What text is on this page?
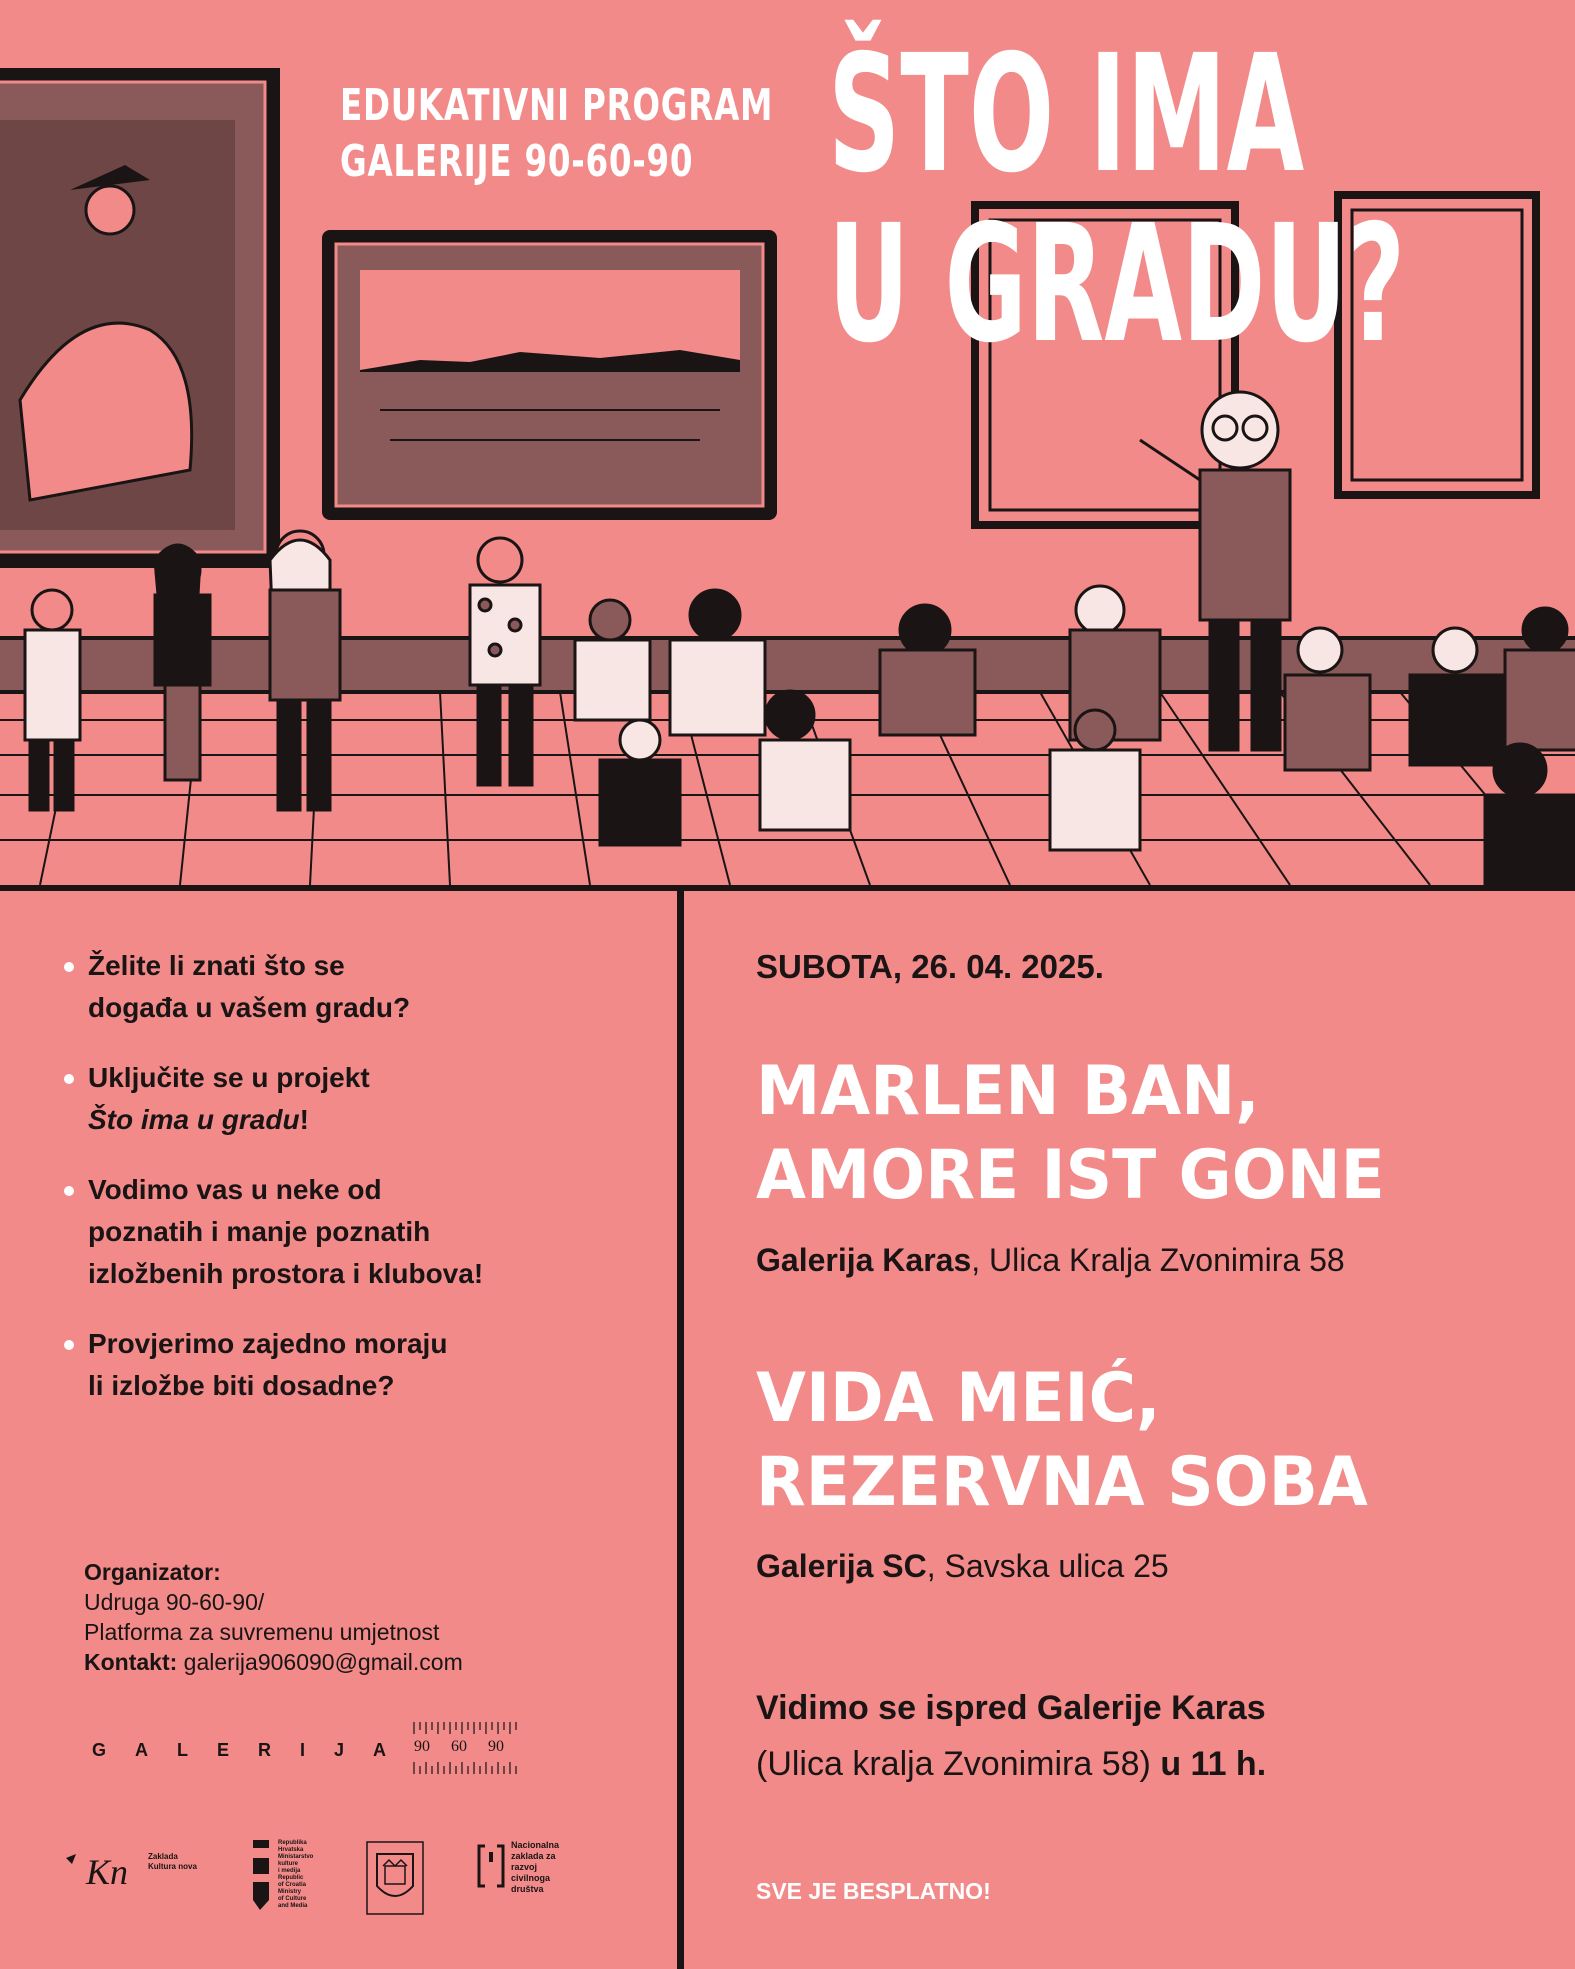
EDUKATIVNI PROGRAM
GALERIJE 90-60-90 ŠTO IMA
U GRADU?
Želite li znati što se
događa u vašem gradu?
Uključite se u projekt
Što ima u gradu!
Vodimo vas u neke od
poznatih i manje poznatih
izložbenih prostora i klubova!
Provjerimo zajedno moraju
li izložbe biti dosadne?
Organizator:
Udruga 90-60-90/
Platforma za suvremenu umjetnost
Kontakt: galerija906090@gmail.com
GALERIJA
90 60 90
Kn Zaklada
Kultura nova
Republika
Hrvatska
Ministarstvo
kulture
i medija
Republic
of Croatia
Ministry
of Culture
and Media
Nacionalna
zaklada za
razvoj
civilnoga
društva
SUBOTA, 26. 04. 2025.
MARLEN BAN,
AMORE IST GONE
Galerija Karas, Ulica Kralja Zvonimira 58
VIDA MEIĆ,
REZERVNA SOBA
Galerija SC, Savska ulica 25
Vidimo se ispred Galerije Karas
(Ulica kralja Zvonimira 58) u 11 h.
SVE JE BESPLATNO!
